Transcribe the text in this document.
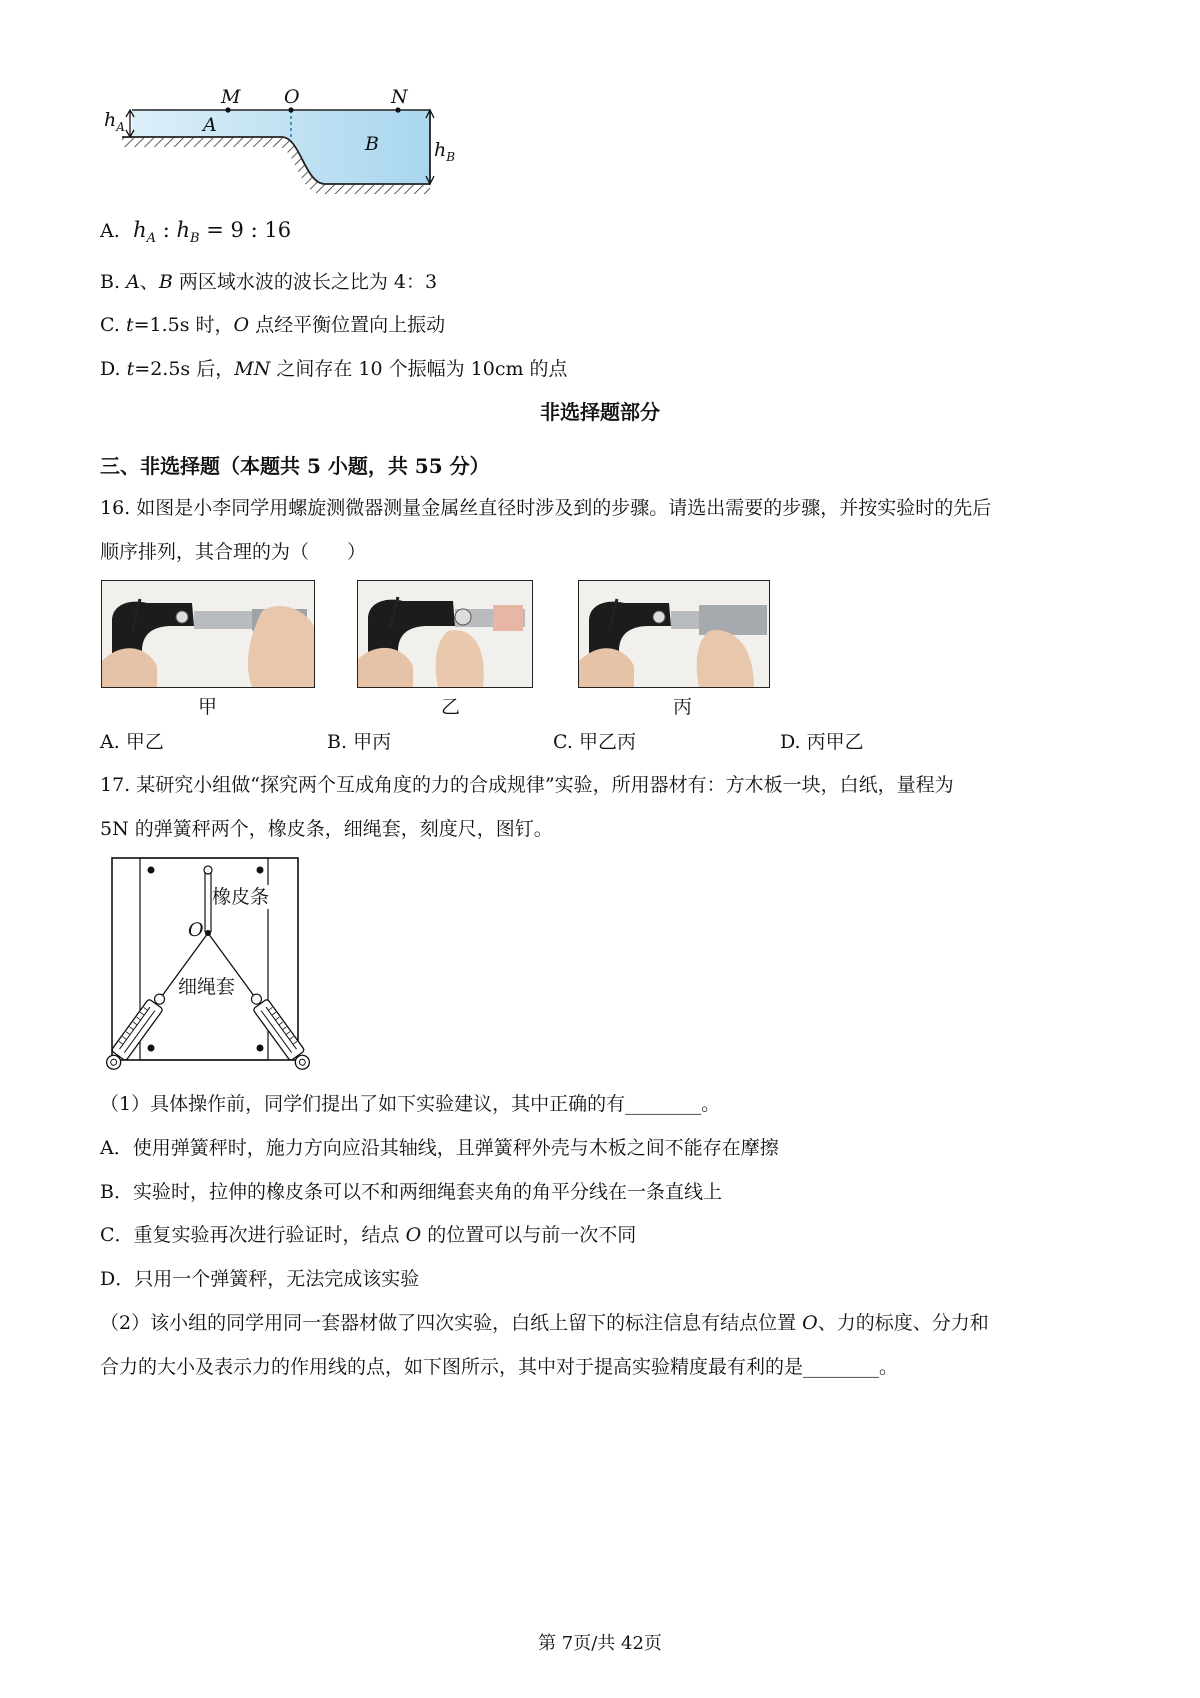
M O	N
A
B
$h_A$
$h_B$
A. $h_A$ : $h_B = 9$ : 16
B. A、B 两区域水波的波长之比为 4：3
C. t=1.5s 时，O 点经平衡位置向上振动
D. t=2.5s 后，MN 之间存在 10 个振幅为 10cm 的点
非选择题部分
三、非选择题（本题共 5 小题，共 55 分）
16. 如图是小李同学用螺旋测微器测量金属丝直径时涉及到的步骤。请选出需要的步骤，并按实验时的先后
顺序排列，其合理的为（　　）
甲	乙	丙
A. 甲乙	B. 甲丙	C. 甲乙丙	D. 丙甲乙
17. 某研究小组做“探究两个互成角度的力的合成规律”实验，所用器材有：方木板一块，白纸，量程为
5N 的弹簧秤两个，橡皮条，细绳套，刻度尺，图钉。
橡皮条
O
细绳套
（1）具体操作前，同学们提出了如下实验建议，其中正确的有________。
A．使用弹簧秤时，施力方向应沿其轴线，且弹簧秤外壳与木板之间不能存在摩擦
B．实验时，拉伸的橡皮条可以不和两细绳套夹角的角平分线在一条直线上
C．重复实验再次进行验证时，结点 O 的位置可以与前一次不同
D．只用一个弹簧秤，无法完成该实验
（2）该小组的同学用同一套器材做了四次实验，白纸上留下的标注信息有结点位置 O、力的标度、分力和
合力的大小及表示力的作用线的点，如下图所示，其中对于提高实验精度最有利的是________。
第 7页/共 42页
